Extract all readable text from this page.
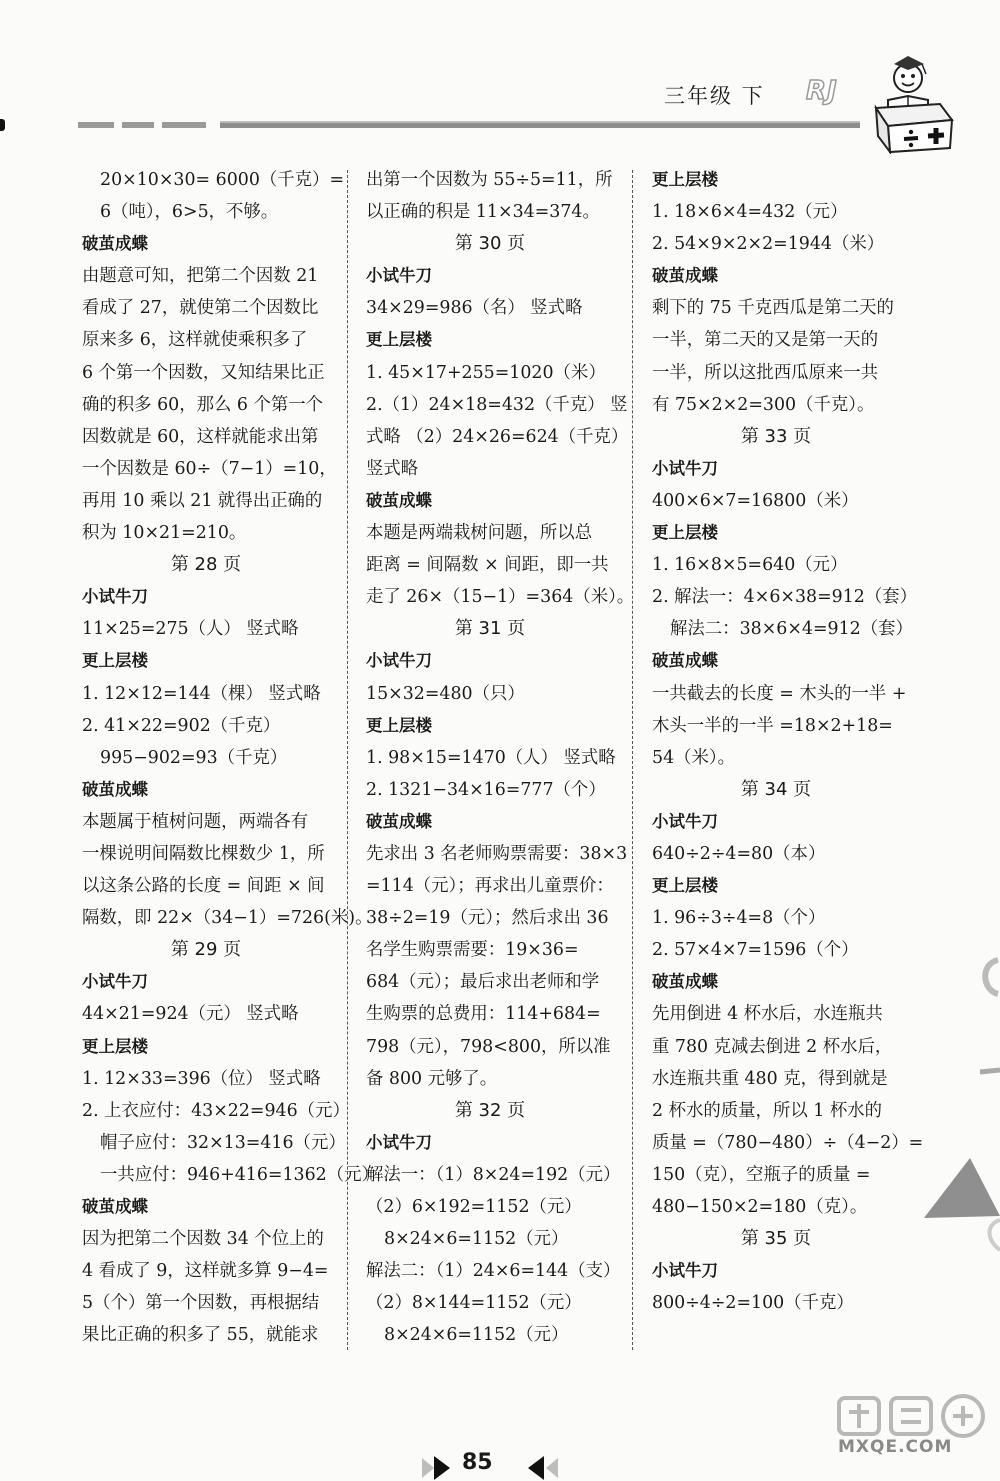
三年级 下 RJ
20×10×30= 6000（千克）=
6（吨），6>5，不够。
破茧成蝶
由题意可知，把第二个因数 21
看成了 27，就使第二个因数比
原来多 6，这样就使乘积多了
6 个第一个因数，又知结果比正
确的积多 60，那么 6 个第一个
因数就是 60，这样就能求出第
一个因数是 60÷（7−1）=10，
再用 10 乘以 21 就得出正确的
积为 10×21=210。
第 28 页
小试牛刀
11×25=275（人） 竖式略
更上层楼
1. 12×12=144（棵） 竖式略
2. 41×22=902（千克）
995−902=93（千克）
破茧成蝶
本题属于植树问题，两端各有
一棵说明间隔数比棵数少 1，所
以这条公路的长度 = 间距 × 间
隔数，即 22×（34−1）=726(米)。
第 29 页
小试牛刀
44×21=924（元） 竖式略
更上层楼
1. 12×33=396（位） 竖式略
2. 上衣应付：43×22=946（元）
帽子应付：32×13=416（元）
一共应付：946+416=1362（元）
破茧成蝶
因为把第二个因数 34 个位上的
4 看成了 9，这样就多算 9−4=
5（个）第一个因数，再根据结
果比正确的积多了 55，就能求
出第一个因数为 55÷5=11，所
以正确的积是 11×34=374。
第 30 页
小试牛刀
34×29=986（名） 竖式略
更上层楼
1. 45×17+255=1020（米）
2.（1）24×18=432（千克） 竖
式略 （2）24×26=624（千克）
竖式略
破茧成蝶
本题是两端栽树问题，所以总
距离 = 间隔数 × 间距，即一共
走了 26×（15−1）=364（米）。
第 31 页
小试牛刀
15×32=480（只）
更上层楼
1. 98×15=1470（人） 竖式略
2. 1321−34×16=777（个）
破茧成蝶
先求出 3 名老师购票需要：38×3
=114（元）；再求出儿童票价：
38÷2=19（元）；然后求出 36
名学生购票需要：19×36=
684（元）；最后求出老师和学
生购票的总费用：114+684=
798（元），798<800，所以准
备 800 元够了。
第 32 页
小试牛刀
解法一：（1）8×24=192（元）
（2）6×192=1152（元）
8×24×6=1152（元）
解法二：（1）24×6=144（支）
（2）8×144=1152（元）
8×24×6=1152（元）
更上层楼
1. 18×6×4=432（元）
2. 54×9×2×2=1944（米）
破茧成蝶
剩下的 75 千克西瓜是第二天的
一半，第二天的又是第一天的
一半，所以这批西瓜原来一共
有 75×2×2=300（千克）。
第 33 页
小试牛刀
400×6×7=16800（米）
更上层楼
1. 16×8×5=640（元）
2. 解法一：4×6×38=912（套）
解法二：38×6×4=912（套）
破茧成蝶
一共截去的长度 = 木头的一半 +
木头一半的一半 =18×2+18=
54（米）。
第 34 页
小试牛刀
640÷2÷4=80（本）
更上层楼
1. 96÷3÷4=8（个）
2. 57×4×7=1596（个）
破茧成蝶
先用倒进 4 杯水后，水连瓶共
重 780 克减去倒进 2 杯水后，
水连瓶共重 480 克，得到就是
2 杯水的质量，所以 1 杯水的
质量 =（780−480）÷（4−2）=
150（克），空瓶子的质量 =
480−150×2=180（克）。
第 35 页
小试牛刀
800÷4÷2=100（千克）
85
MXQE.COM
